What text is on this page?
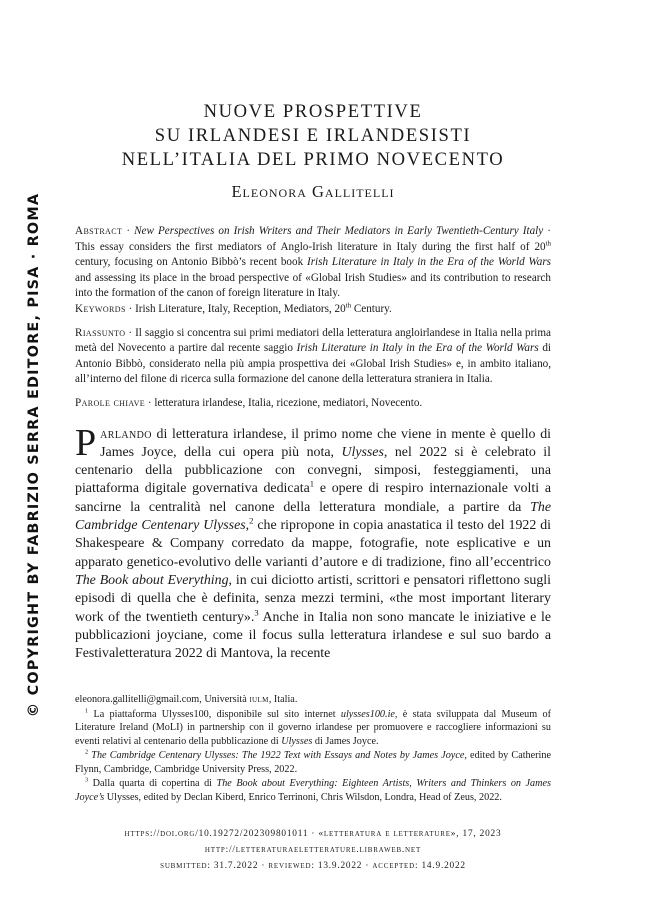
© COPYRIGHT BY FABRIZIO SERRA EDITORE, PISA · ROMA
NUOVE PROSPETTIVE
SU IRLANDESI E IRLANDESISTI
NELL’ITALIA DEL PRIMO NOVECENTO
Eleonora Gallitelli

Abstract · New Perspectives on Irish Writers and Their Mediators in Early Twentieth-Century Italy · This essay considers the first mediators of Anglo-Irish literature in Italy during the first half of 20th century, focusing on Antonio Bibbò’s recent book Irish Literature in Italy in the Era of the World Wars and assessing its place in the broad perspective of «Global Irish Studies» and its contribution to research into the formation of the canon of foreign literature in Italy.

Keywords · Irish Literature, Italy, Reception, Mediators, 20th Century.

Riassunto · Il saggio si concentra sui primi mediatori della letteratura angloirlandese in Italia nella prima metà del Novecento a partire dal recente saggio Irish Literature in Italy in the Era of the World Wars di Antonio Bibbò, considerato nella più ampia prospettiva dei «Global Irish Studies» e, in ambito italiano, all’interno del filone di ricerca sulla formazione del canone della letteratura straniera in Italia.

Parole chiave · letteratura irlandese, Italia, ricezione, mediatori, Novecento.

Parlando di letteratura irlandese, il primo nome che viene in mente è quello di James Joyce, della cui opera più nota, Ulysses, nel 2022 si è celebrato il centenario della pubblicazione con convegni, simposi, festeggiamenti, una piattaforma digitale governativa dedicata$^1$ e opere di respiro internazionale volti a sancirne la centralità nel canone della letteratura mondiale, a partire da The Cambridge Centenary Ulysses,$^2$ che ripropone in copia anastatica il testo del 1922 di Shakespeare & Company corredato da mappe, fotografie, note esplicative e un apparato genetico-evolutivo delle varianti d’autore e di tradizione, fino all’eccentrico The Book about Everything, in cui diciotto artisti, scrittori e pensatori riflettono sugli episodi di quella che è definita, senza mezzi termini, «the most important literary work of the twentieth century».$^3$ Anche in Italia non sono mancate le iniziative e le pubblicazioni joyciane, come il focus sulla letteratura irlandese e sul suo bardo a Festivaletteratura 2022 di Mantova, la recente

eleonora.gallitelli@gmail.com, Università iulm, Italia.

$^1$ La piattaforma Ulysses100, disponibile sul sito internet ulysses100.ie, è stata sviluppata dal Museum of Literature Ireland (MoLI) in partnership con il governo irlandese per promuovere e raccogliere informazioni su eventi relativi al centenario della pubblicazione di Ulysses di James Joyce.

$^2$ The Cambridge Centenary Ulysses: The 1922 Text with Essays and Notes by James Joyce, edited by Catherine Flynn, Cambridge, Cambridge University Press, 2022.

$^3$ Dalla quarta di copertina di The Book about Everything: Eighteen Artists, Writers and Thinkers on James Joyce’s Ulysses, edited by Declan Kiberd, Enrico Terrinoni, Chris Wilsdon, Londra, Head of Zeus, 2022.

https://doi.org/10.19272/202309801011 · «letteratura e letterature», 17, 2023
http://letteraturaeletterature.libraweb.net
submitted: 31.7.2022 · reviewed: 13.9.2022 · accepted: 14.9.2022
